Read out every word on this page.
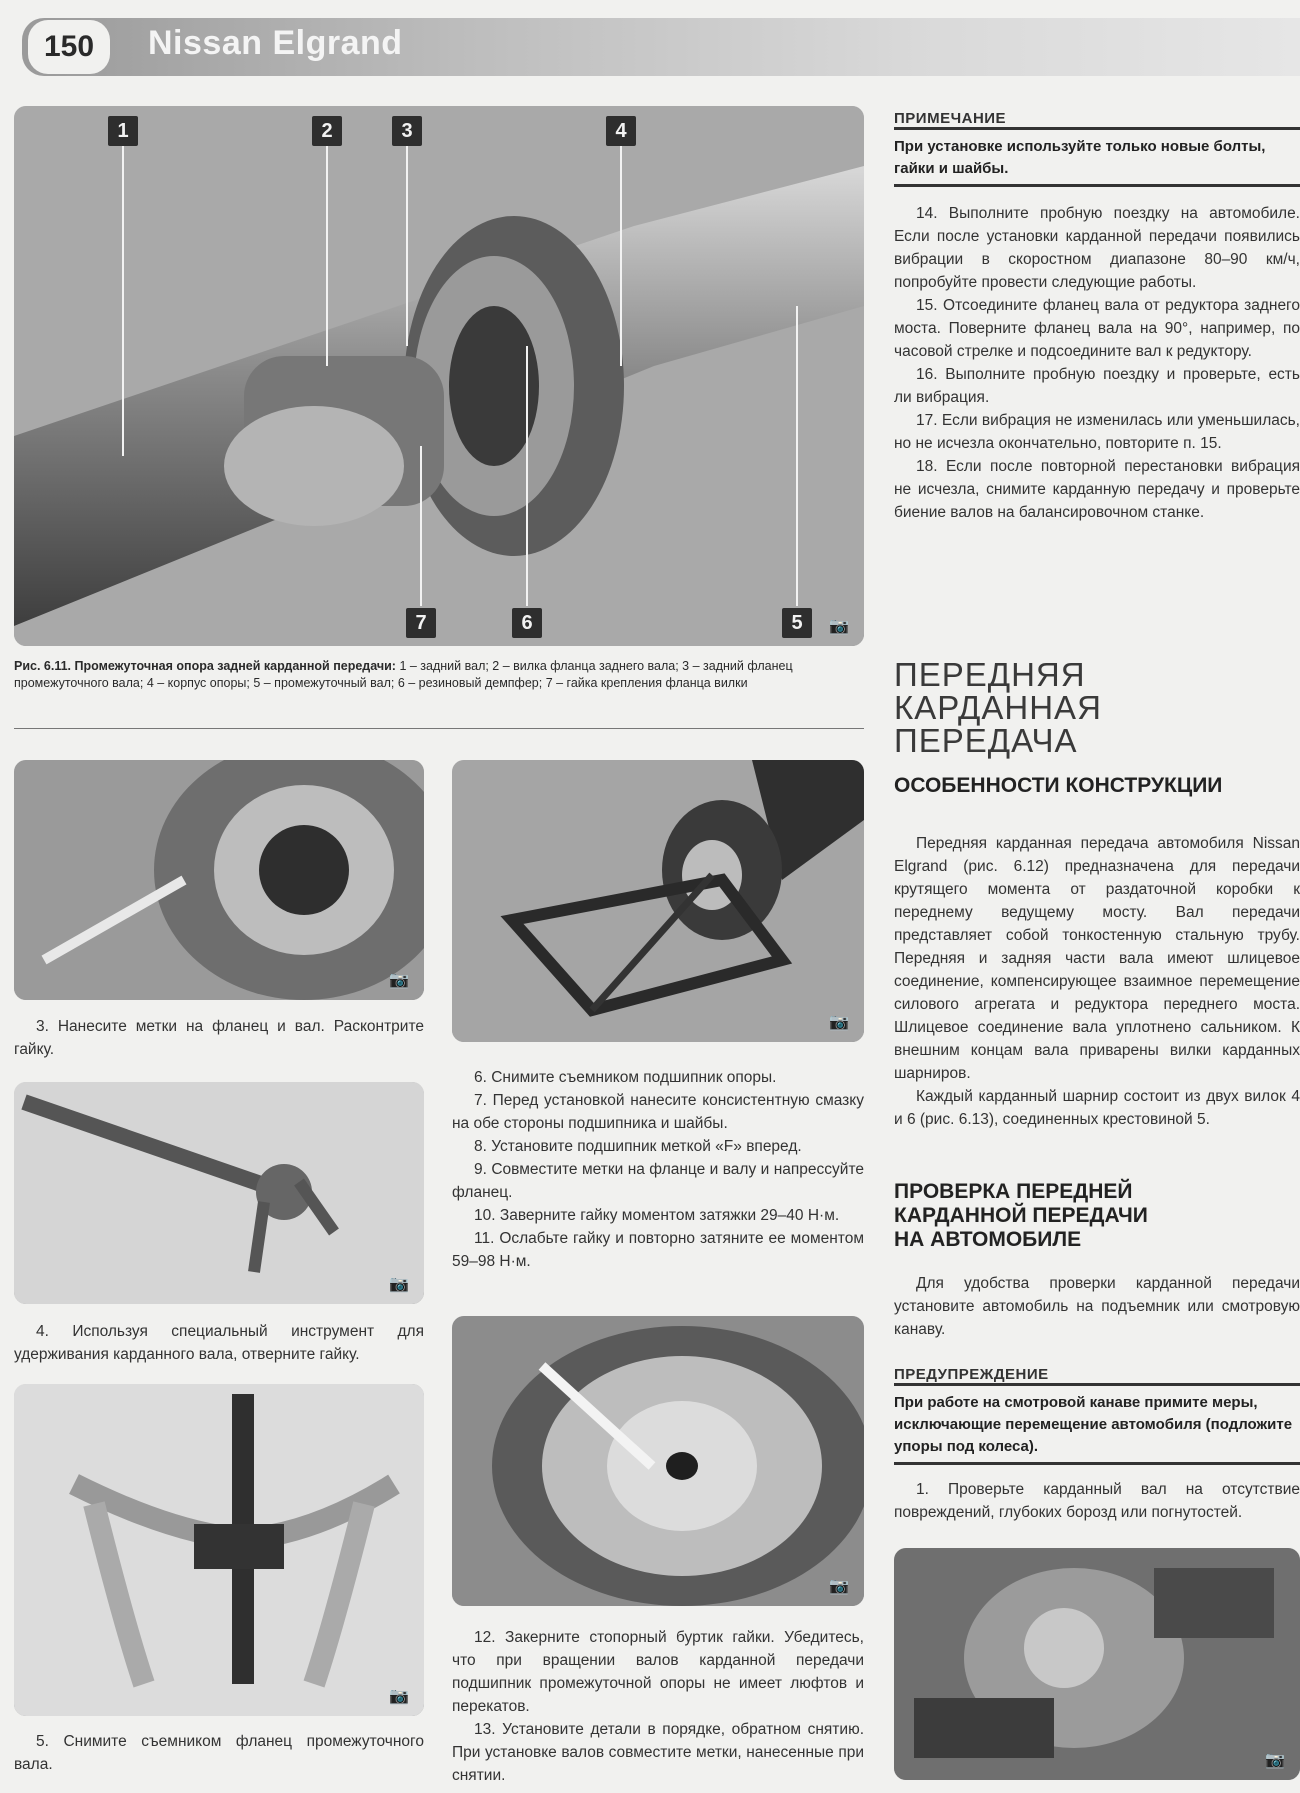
150	Nissan Elgrand
1	2	3	4
5
6
7	📷
Рис. 6.11. Промежуточная опора задней карданной передачи: 1 – задний вал; 2 – вилка фланца заднего вала; 3 – задний фланец промежуточного вала; 4 – корпус опоры; 5 – промежуточный вал; 6 – резиновый демпфер; 7 – гайка крепления фланца вилки
📷

3. Нанесите метки на фланец и вал. Расконтрите гайку.

📷

4. Используя специальный инструмент для удерживания карданного вала, отверните гайку.

📷

5. Снимите съемником фланец промежуточного вала.

📷

6. Снимите съемником подшипник опоры.

7. Перед установкой нанесите консистентную смазку на обе стороны подшипника и шайбы.

8. Установите подшипник меткой «F» вперед.

9. Совместите метки на фланце и валу и напрессуйте фланец.

10. Заверните гайку моментом затяжки 29–40 Н·м.

11. Ослабьте гайку и повторно затяните ее моментом 59–98 Н·м.

📷

12. Закерните стопорный буртик гайки. Убедитесь, что при вращении валов карданной передачи подшипник промежуточной опоры не имеет люфтов и перекатов.

13. Установите детали в порядке, обратном снятию. При установке валов совместите метки, нанесенные при снятии.

ПРИМЕЧАНИЕ
При установке используйте только новые болты, гайки и шайбы.

14. Выполните пробную поездку на автомобиле. Если после установки карданной передачи появились вибрации в скоростном диапазоне 80–90 км/ч, попробуйте провести следующие работы.

15. Отсоедините фланец вала от редуктора заднего моста. Поверните фланец вала на 90°, например, по часовой стрелке и подсоедините вал к редуктору.

16. Выполните пробную поездку и проверьте, есть ли вибрация.

17. Если вибрация не изменилась или уменьшилась, но не исчезла окончательно, повторите п. 15.

18. Если после повторной перестановки вибрация не исчезла, снимите карданную передачу и проверьте биение валов на балансировочном станке.

ПЕРЕДНЯЯ
КАРДАННАЯ
ПЕРЕДАЧА
ОСОБЕННОСТИ КОНСТРУКЦИИ

Передняя карданная передача автомобиля Nissan Elgrand (рис. 6.12) предназначена для передачи крутящего момента от раздаточной коробки к переднему ведущему мосту. Вал передачи представляет собой тонкостенную стальную трубу. Передняя и задняя части вала имеют шлицевое соединение, компенсирующее взаимное перемещение силового агрегата и редуктора переднего моста. Шлицевое соединение вала уплотнено сальником. К внешним концам вала приварены вилки карданных шарниров.

Каждый карданный шарнир состоит из двух вилок 4 и 6 (рис. 6.13), соединенных крестовиной 5.

ПРОВЕРКА ПЕРЕДНЕЙ
КАРДАННОЙ ПЕРЕДАЧИ
НА АВТОМОБИЛЕ

Для удобства проверки карданной передачи установите автомобиль на подъемник или смотровую канаву.

ПРЕДУПРЕЖДЕНИЕ
При работе на смотровой канаве примите меры, исключающие перемещение автомобиля (подложите упоры под колеса).

1. Проверьте карданный вал на отсутствие повреждений, глубоких борозд или погнутостей.

📷
